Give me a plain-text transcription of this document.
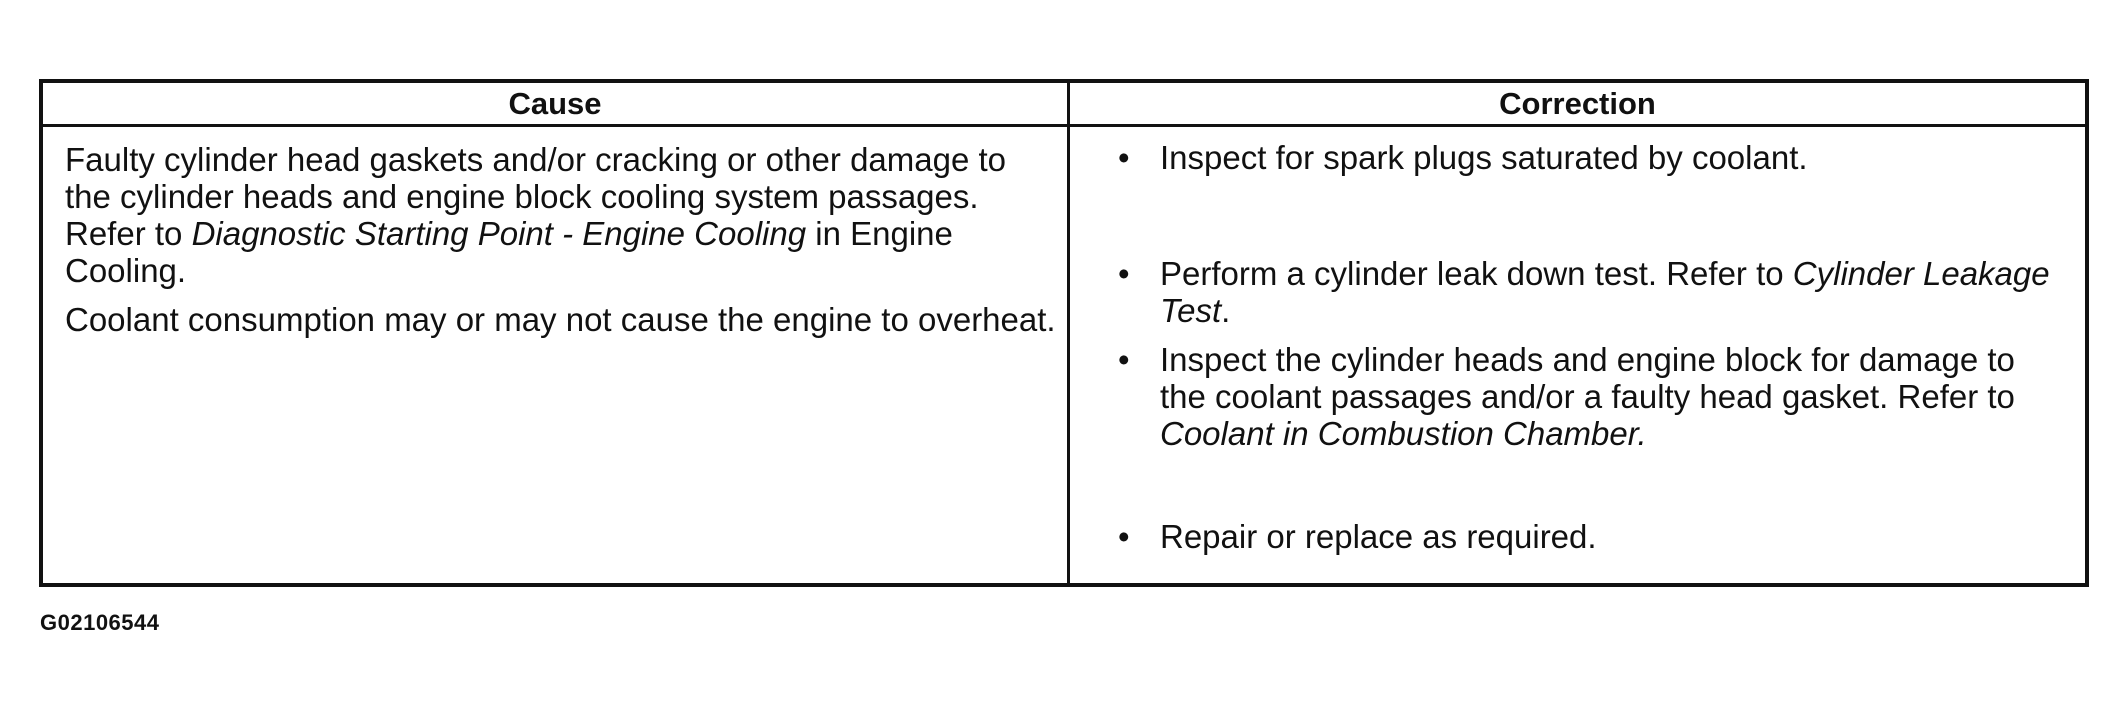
Cause	Correction

Faulty cylinder head gaskets and/or cracking or other damage to the cylinder heads and engine block cooling system passages. Refer to Diagnostic Starting Point - Engine Cooling in Engine Cooling.

Coolant consumption may or may not cause the engine to overheat.

• Inspect for spark plugs saturated by coolant.
• Perform a cylinder leak down test. Refer to Cylinder Leakage Test.
• Inspect the cylinder heads and engine block for damage to the coolant passages and/or a faulty head gasket. Refer to Coolant in Combustion Chamber.
• Repair or replace as required.
G02106544
